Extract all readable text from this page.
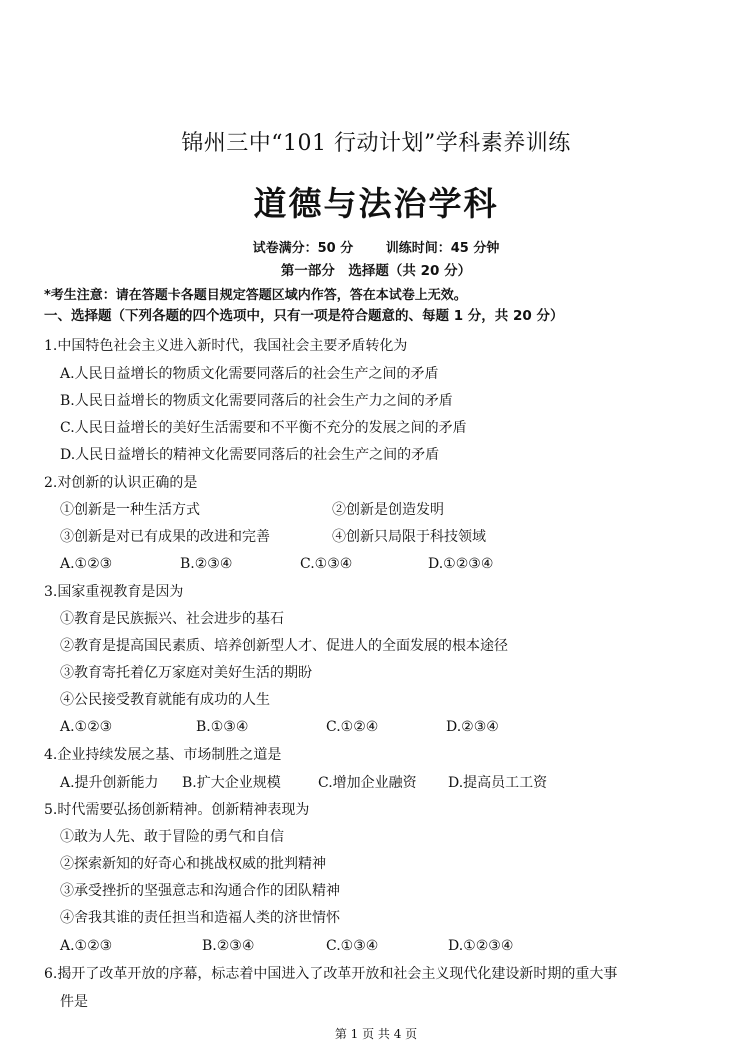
锦州三中“101 行动计划”学科素养训练
道德与法治学科
试卷满分：50 分	训练时间：45 分钟
第一部分　选择题（共 20 分）
*考生注意：请在答题卡各题目规定答题区域内作答，答在本试卷上无效。
一、选择题（下列各题的四个选项中，只有一项是符合题意的、每题 1 分，共 20 分）
1.中国特色社会主义进入新时代，我国社会主要矛盾转化为
A.人民日益增长的物质文化需要同落后的社会生产之间的矛盾
B.人民日益增长的物质文化需要同落后的社会生产力之间的矛盾
C.人民日益增长的美好生活需要和不平衡不充分的发展之间的矛盾
D.人民日益增长的精神文化需要同落后的社会生产之间的矛盾
2.对创新的认识正确的是
①创新是一种生活方式	②创新是创造发明
③创新是对已有成果的改进和完善	④创新只局限于科技领域
A.①②③	B.②③④	C.①③④	D.①②③④
3.国家重视教育是因为
①教育是民族振兴、社会进步的基石
②教育是提高国民素质、培养创新型人才、促进人的全面发展的根本途径
③教育寄托着亿万家庭对美好生活的期盼
④公民接受教育就能有成功的人生
A.①②③	B.①③④	C.①②④	D.②③④
4.企业持续发展之基、市场制胜之道是
A.提升创新能力 B.扩大企业规模	C.增加企业融资 D.提高员工工资
5.时代需要弘扬创新精神。创新精神表现为
①敢为人先、敢于冒险的勇气和自信
②探索新知的好奇心和挑战权威的批判精神
③承受挫折的坚强意志和沟通合作的团队精神
④舍我其谁的责任担当和造福人类的济世情怀
A.①②③	B.②③④	C.①③④	D.①②③④
6.揭开了改革开放的序幕，标志着中国进入了改革开放和社会主义现代化建设新时期的重大事
件是
第 1 页 共 4 页
